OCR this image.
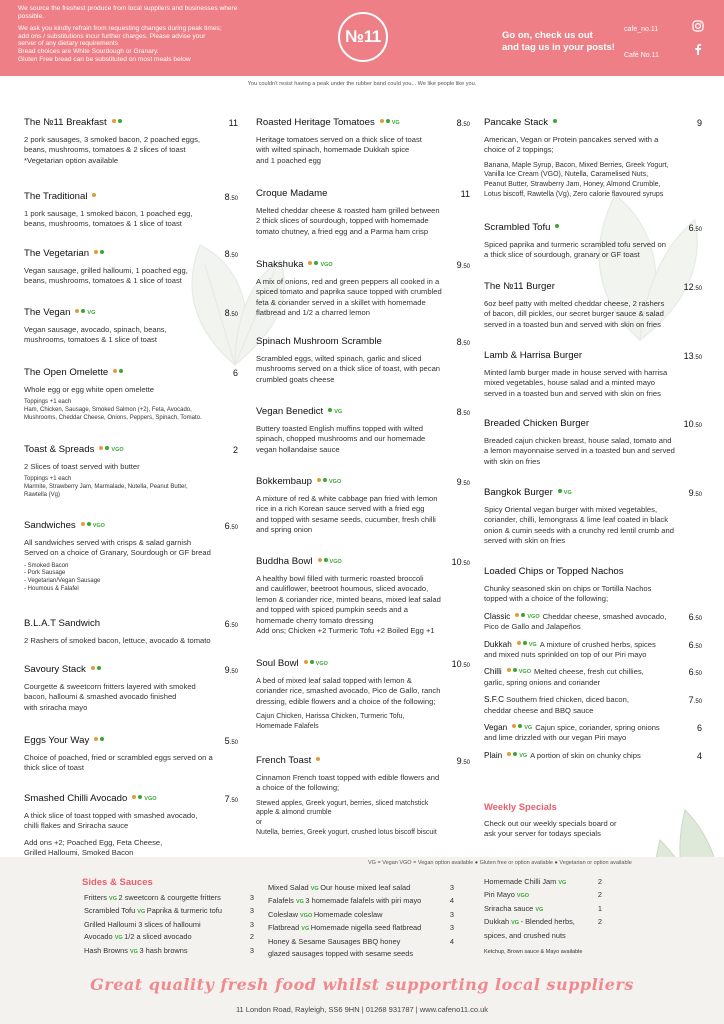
We source the freshest produce from local suppliers and businesses where possible.
We ask you kindly refrain from requesting changes during peak times;
add ons / substitutions incur further charges. Please advise your
server of any dietary requirements
Bread choices are White Sourdough or Granary.
Gluten Free bread can be substituted on most meals below
№11	Go on, check us out
and tag us in your posts!
cafe_no.11
Café No.11
You couldn't resist having a peak under the rubber band could you... We like people like you.
The №11 Breakfast	11

2 pork sausages, 3 smoked bacon, 2 poached eggs,

beans, mushrooms, tomatoes & 2 slices of toast

*Vegetarian option available

The Traditional	8.50

1 pork sausage, 1 smoked bacon, 1 poached egg,

beans, mushrooms, tomatoes & 1 slice of toast

The Vegetarian	8.50

Vegan sausage, grilled halloumi, 1 poached egg,

beans, mushrooms, tomatoes & 1 slice of toast

The Vegan	VG	8.50

Vegan sausage, avocado, spinach, beans,

mushrooms, tomatoes & 1 slice of toast

The Open Omelette	6

Whole egg or egg white open omelette

Toppings +1 each

Ham, Chicken, Sausage, Smoked Salmon (+2), Feta, Avocado,

Mushrooms, Cheddar Cheese, Onions, Peppers, Spinach, Tomato.

Toast & Spreads	VGO	2

2 Slices of toast served with butter

Toppings +1 each

Marmite, Strawberry Jam, Marmalade, Nutella, Peanut Butter,

Rawtella (Vg)

Sandwiches	VGO	6.50

All sandwiches served with crisps & salad garnish

Served on a choice of Granary, Sourdough or GF bread

- Smoked Bacon

- Pork Sausage

- Vegetarian/Vegan Sausage

- Houmous & Falafel

B.L.A.T Sandwich	6.50

2 Rashers of smoked bacon, lettuce, avocado & tomato

Savoury Stack	9.50

Courgette & sweetcorn fritters layered with smoked

bacon, halloumi & smashed avocado finished

with sriracha mayo

Eggs Your Way	5.50

Choice of poached, fried or scrambled eggs served on a

thick slice of toast

Smashed Chilli Avocado	VGO	7.50

A thick slice of toast topped with smashed avocado,

chilli flakes and Sriracha sauce

Add ons +2; Poached Egg, Feta Cheese,

Grilled Halloumi, Smoked Bacon

Roasted Heritage Tomatoes	VG	8.50

Heritage tomatoes served on a thick slice of toast

with wilted spinach, homemade Dukkah spice

and 1 poached egg

Croque Madame	11

Melted cheddar cheese & roasted ham grilled between

2 thick slices of sourdough, topped with homemade

tomato chutney, a fried egg and a Parma ham crisp

Shakshuka	VGO	9.50

A mix of onions, red and green peppers all cooked in a

spiced tomato and paprika sauce topped with crumbled

feta & coriander served in a skillet with homemade

flatbread and 1/2 a charred lemon

Spinach Mushroom Scramble	8.50

Scrambled eggs, wilted spinach, garlic and sliced

mushrooms served on a thick slice of toast, with pecan

crumbled goats cheese

Vegan Benedict VG	8.50

Buttery toasted English muffins topped with wilted

spinach, chopped mushrooms and our homemade

vegan hollandaise sauce

Bokkembaup	VGO	9.50

A mixture of red & white cabbage pan fried with lemon

rice in a rich Korean sauce served with a fried egg

and topped with sesame seeds, cucumber, fresh chilli

and spring onion

Buddha Bowl	VGO	10.50

A healthy bowl filled with turmeric roasted broccoli

and cauliflower, beetroot houmous, sliced avocado,

lemon & coriander rice, minted beans, mixed leaf salad

and topped with spiced pumpkin seeds and a

homemade cherry tomato dressing

Add ons; Chicken +2 Turmeric Tofu +2 Boiled Egg +1

Soul Bowl	VGO	10.50

A bed of mixed leaf salad topped with lemon &

coriander rice, smashed avocado, Pico de Gallo, ranch

dressing, edible flowers and a choice of the following;

Cajun Chicken, Harissa Chicken, Turmeric Tofu,

Homemade Falafels

French Toast	9.50

Cinnamon French toast topped with edible flowers and

a choice of the following;

Stewed apples, Greek yogurt, berries, sliced matchstick

apple & almond crumble

or

Nutella, berries, Greek yogurt, crushed lotus biscoff biscuit

Pancake Stack	9

American, Vegan or Protein pancakes served with a

choice of 2 toppings;

Banana, Maple Syrup, Bacon, Mixed Berries, Greek Yogurt,

Vanilla Ice Cream (VGO), Nutella, Caramelised Nuts,

Peanut Butter, Strawberry Jam, Honey, Almond Crumble,

Lotus biscoff, Rawtella (Vg), Zero calorie flavoured syrups

Scrambled Tofu	6.50

Spiced paprika and turmeric scrambled tofu served on

a thick slice of sourdough, granary or GF toast

The №11 Burger	12.50

6oz beef patty with melted cheddar cheese, 2 rashers

of bacon, dill pickles, our secret burger sauce & salad

served in a toasted bun and served with skin on fries

Lamb & Harrisa Burger	13.50

Minted lamb burger made in house served with harrisa

mixed vegetables, house salad and a minted mayo

served in a toasted bun and served with skin on fries

Breaded Chicken Burger	10.50

Breaded cajun chicken breast, house salad, tomato and

a lemon mayonnaise served in a toasted bun and served

with skin on fries

Bangkok Burger VG	9.50

Spicy Oriental vegan burger with mixed vegetables,

coriander, chilli, lemongrass & lime leaf coated in black

onion & cumin seeds with a crunchy red lentil crumb and

served with skin on fries

Loaded Chips or Topped Nachos

Chunky seasoned skin on chips or Tortilla Nachos

topped with a choice of the following;

Classic	VGO Cheddar cheese, smashed avocado,

Pico de Gallo and Jalapeños

6.50

Dukkah	VG A mixture of crushed herbs, spices

and mixed nuts sprinkled on top of our Piri mayo

6.50

Chilli	VGO Melted cheese, fresh cut chillies,

garlic, spring onions and coriander

6.50

S.F.C Southern fried chicken, diced bacon,

cheddar cheese and BBQ sauce

7.50

Vegan	VG Cajun spice, coriander, spring onions

and lime drizzled with our vegan Piri mayo

6

Plain	VG A portion of skin on chunky chips	4
Weekly Specials

Check out our weekly specials board or

ask your server for todays specials

VG = Vegan VGO = Vegan option available ● Gluten free or option available ● Vegetarian or option available
Sides & Sauces
Fritters VG 2 sweetcorn & courgette fritters	3
Scrambled Tofu VG Paprika & turmeric tofu	3
Grilled Halloumi 3 slices of halloumi	3
Avocado VG 1/2 a sliced avocado	2
Hash Browns VG 3 hash browns	3
Mixed Salad VG Our house mixed leaf salad	3
Falafels VG 3 homemade falafels with piri mayo	4
Coleslaw VGO Homemade coleslaw	3
Flatbread VG Homemade nigella seed flatbread	3
Honey & Sesame Sausages BBQ honey	4
glazed sausages topped with sesame seeds
Homemade Chilli Jam VG	2
Piri Mayo VGO	2
Sriracha sauce VG	1
Dukkah VG - Blended herbs,	2
spices, and crushed nuts
Ketchup, Brown sauce & Mayo available
Great quality fresh food whilst supporting local suppliers
11 London Road, Rayleigh, SS6 9HN | 01268 931787 | www.cafeno11.co.uk
